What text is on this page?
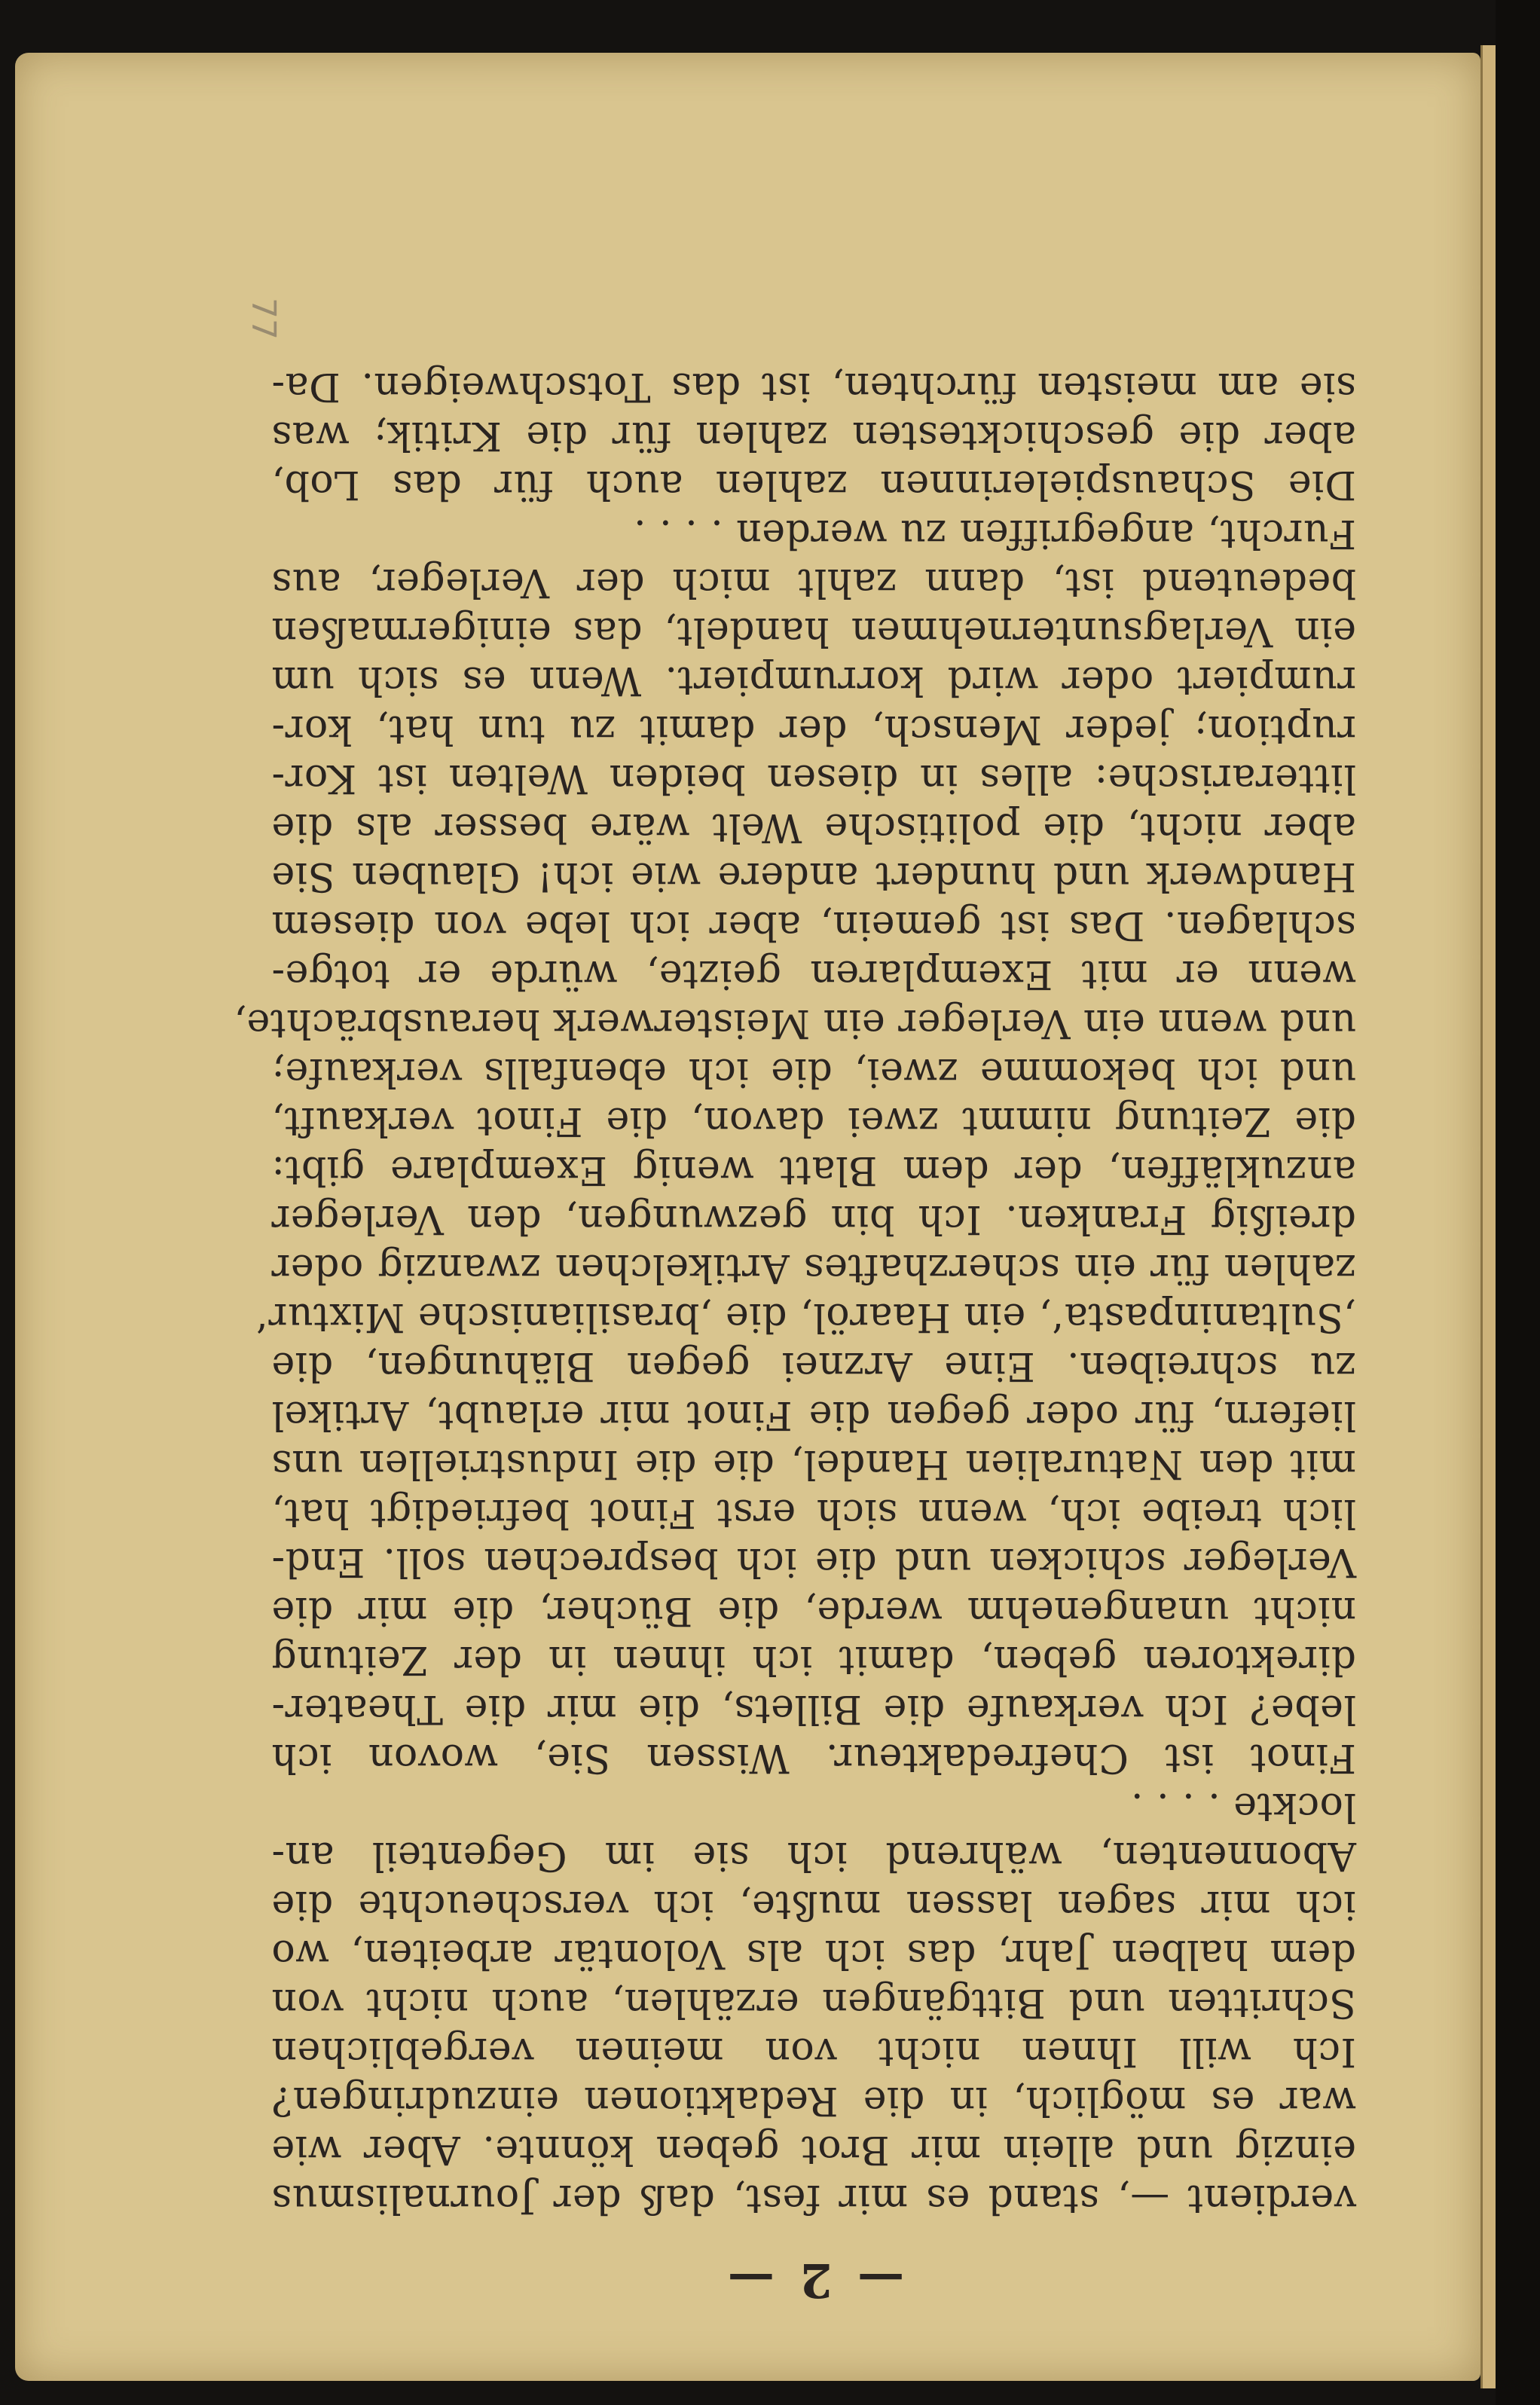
77
— 2 —

verdient —, stand es mir fest, daß der Journalismus

einzig und allein mir Brot geben könnte. Aber wie

war es möglich, in die Redaktionen einzudringen?

Ich will Ihnen nicht von meinen vergeblichen

Schritten und Bittgängen erzählen, auch nicht von

dem halben Jahr, das ich als Volontär arbeiten, wo

ich mir sagen lassen mußte, ich verscheuchte die

Abonnenten, während ich sie im Gegenteil an-

lockte . . . .

Finot ist Chefredakteur. Wissen Sie, wovon ich

lebe? Ich verkaufe die Billets, die mir die Theater-

direktoren geben, damit ich ihnen in der Zeitung

nicht unangenehm werde, die Bücher, die mir die

Verleger schicken und die ich besprechen soll. End-

lich treibe ich, wenn sich erst Finot befriedigt hat,

mit den Naturalien Handel, die die Industriellen uns

liefern, für oder gegen die Finot mir erlaubt, Artikel

zu schreiben. Eine Arznei gegen Blähungen, die

‚Sultaninpasta‘, ein Haaröl, die ‚brasilianische Mixtur‘

zahlen für ein scherzhaftes Artikelchen zwanzig oder

dreißig Franken. Ich bin gezwungen, den Verleger

anzukläffen, der dem Blatt wenig Exemplare gibt:

die Zeitung nimmt zwei davon, die Finot verkauft,

und ich bekomme zwei, die ich ebenfalls verkaufe;

und wenn ein Verleger ein Meisterwerk herausbrächte,

wenn er mit Exemplaren geizte, würde er totge-

schlagen. Das ist gemein, aber ich lebe von diesem

Handwerk und hundert andere wie ich! Glauben Sie

aber nicht, die politische Welt wäre besser als die

litterarische: alles in diesen beiden Welten ist Kor-

ruption; jeder Mensch, der damit zu tun hat, kor-

rumpiert oder wird korrumpiert. Wenn es sich um

ein Verlagsunternehmen handelt, das einigermaßen

bedeutend ist, dann zahlt mich der Verleger, aus

Furcht, angegriffen zu werden . . . .

Die Schauspielerinnen zahlen auch für das Lob,

aber die geschicktesten zahlen für die Kritik; was

sie am meisten fürchten, ist das Totschweigen. Da-
